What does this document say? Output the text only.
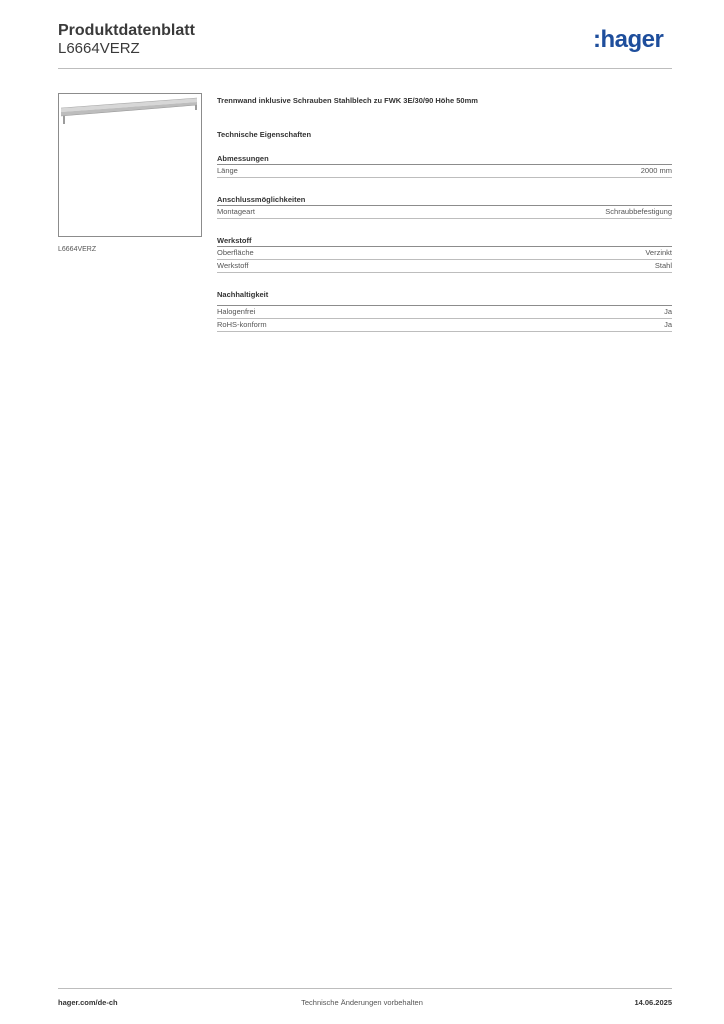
Produktdatenblatt
L6664VERZ	:hager
L6664VERZ
Trennwand inklusive Schrauben Stahlblech zu FWK 3E/30/90 Höhe 50mm
Technische Eigenschaften
Abmessungen
Länge	2000 mm
Anschlussmöglichkeiten
Montageart	Schraubbefestigung
Werkstoff
Oberfläche	Verzinkt
Werkstoff	Stahl
Nachhaltigkeit
Halogenfrei	Ja
RoHS-konform	Ja
Technische Änderungen vorbehalten
hager.com/de-ch	14.06.2025
